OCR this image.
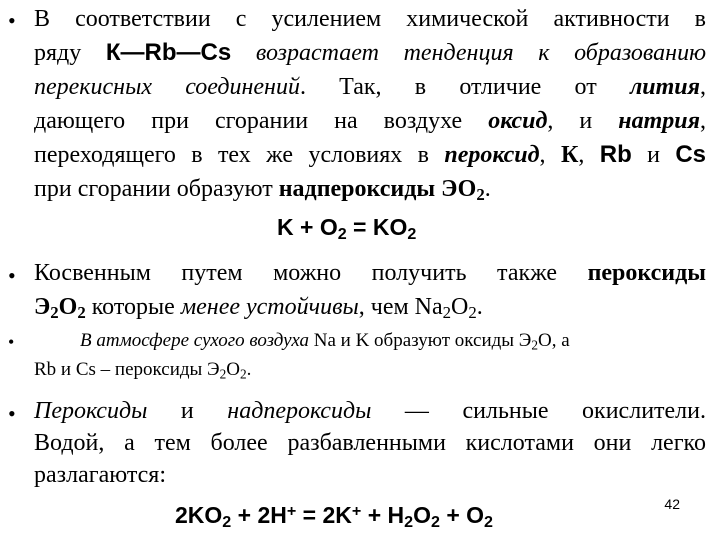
• В соответствии с усилением химической активности в
ряду К—Rb—Cs возрастает тенденция к образованию
перекисных соединений. Так, в отличие от лития,
дающего при сгорании на воздухе оксид, и натрия,
переходящего в тех же условиях в пероксид, К, Rb и Cs
при сгорании образуют надпероксиды $ЭО_2$.
$K + O_2 = KO_2$
• Косвенным путем можно получить также пероксиды
$Э_2O_2$ которые менее устойчивы, чем $Na_2O_2$.
•	В атмосфере сухого воздуха Na и K образуют оксиды $Э_2O$, а
Rb и Cs – пероксиды $Э_2O_2$.
• Пероксиды и надпероксиды — сильные окислители.
Водой, а тем более разбавленными кислотами они легко
разлагаются:
$2KO_2 + 2H^+ = 2K^+ + H_2O_2 + O_2$
42
